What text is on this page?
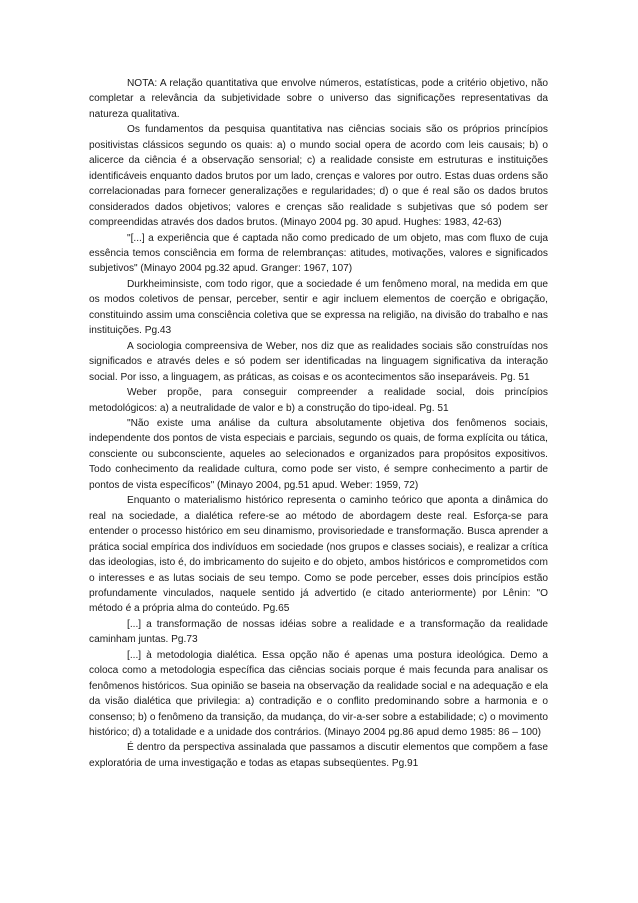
NOTA: A relação quantitativa que envolve números, estatísticas, pode a critério objetivo, não completar a relevância da subjetividade sobre o universo das significações representativas da natureza qualitativa.

Os fundamentos da pesquisa quantitativa nas ciências sociais são os próprios princípios positivistas clássicos segundo os quais: a) o mundo social opera de acordo com leis causais; b) o alicerce da ciência é a observação sensorial; c) a realidade consiste em estruturas e instituições identificáveis enquanto dados brutos por um lado, crenças e valores por outro. Estas duas ordens são correlacionadas para fornecer generalizações e regularidades; d) o que é real são os dados brutos considerados dados objetivos; valores e crenças são realidade s subjetivas que só podem ser compreendidas através dos dados brutos. (Minayo 2004 pg. 30 apud. Hughes: 1983, 42-63)

"[...] a experiência que é captada não como predicado de um objeto, mas com fluxo de cuja essência temos consciência em forma de relembranças: atitudes, motivações, valores e significados subjetivos" (Minayo 2004 pg.32 apud. Granger: 1967, 107)

Durkheiminsiste, com todo rigor, que a sociedade é um fenômeno moral, na medida em que os modos coletivos de pensar, perceber, sentir e agir incluem elementos de coerção e obrigação, constituindo assim uma consciência coletiva que se expressa na religião, na divisão do trabalho e nas instituições. Pg.43

A sociologia compreensiva de Weber, nos diz que as realidades sociais são construídas nos significados e através deles e só podem ser identificadas na linguagem significativa da interação social. Por isso, a linguagem, as práticas, as coisas e os acontecimentos são inseparáveis. Pg. 51

Weber propõe, para conseguir compreender a realidade social, dois princípios metodológicos: a) a neutralidade de valor e b) a construção do tipo-ideal. Pg. 51

"Não existe uma análise da cultura absolutamente objetiva dos fenômenos sociais, independente dos pontos de vista especiais e parciais, segundo os quais, de forma explícita ou tática, consciente ou subconsciente, aqueles ao selecionados e organizados para propósitos expositivos. Todo conhecimento da realidade cultura, como pode ser visto, é sempre conhecimento a partir de pontos de vista específicos" (Minayo 2004, pg.51 apud. Weber: 1959, 72)

Enquanto o materialismo histórico representa o caminho teórico que aponta a dinâmica do real na sociedade, a dialética refere-se ao método de abordagem deste real. Esforça-se para entender o processo histórico em seu dinamismo, provisoriedade e transformação. Busca aprender a prática social empírica dos indivíduos em sociedade (nos grupos e classes sociais), e realizar a crítica das ideologias, isto é, do imbricamento do sujeito e do objeto, ambos históricos e comprometidos com o interesses e as lutas sociais de seu tempo. Como se pode perceber, esses dois princípios estão profundamente vinculados, naquele sentido já advertido (e citado anteriormente) por Lênin: "O método é a própria alma do conteúdo. Pg.65

[...] a transformação de nossas idéias sobre a realidade e a transformação da realidade caminham juntas. Pg.73

[...] à metodologia dialética. Essa opção não é apenas uma postura ideológica. Demo a coloca como a metodologia específica das ciências sociais porque é mais fecunda para analisar os fenômenos históricos. Sua opinião se baseia na observação da realidade social e na adequação e ela da visão dialética que privilegia: a) contradição e o conflito predominando sobre a harmonia e o consenso; b) o fenômeno da transição, da mudança, do vir-a-ser sobre a estabilidade; c) o movimento histórico; d) a totalidade e a unidade dos contrários. (Minayo 2004 pg.86 apud demo 1985: 86 – 100)

É dentro da perspectiva assinalada que passamos a discutir elementos que compõem a fase exploratória de uma investigação e todas as etapas subseqüentes. Pg.91
